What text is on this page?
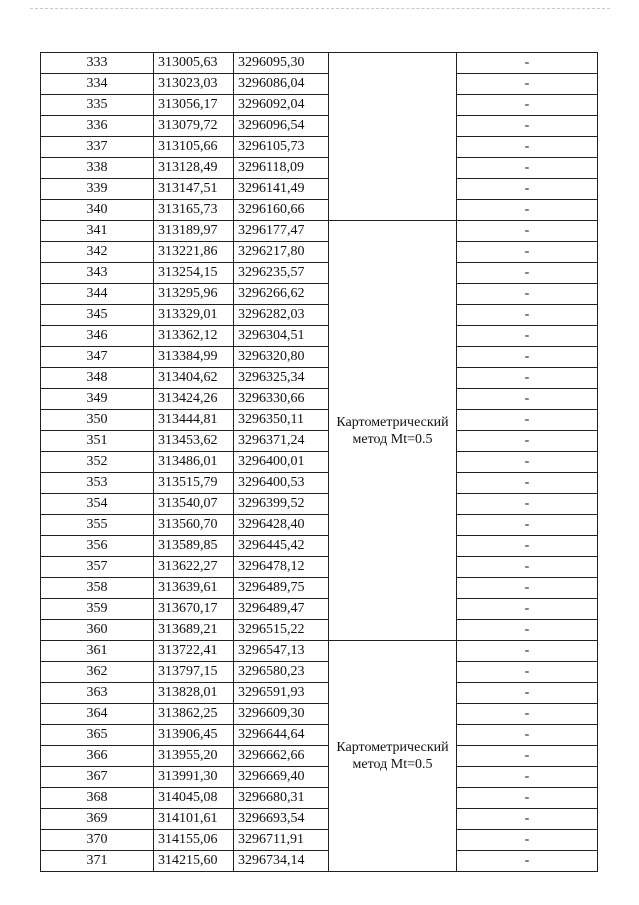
333	313005,63	3296095,30		-
334	313023,03	3296086,04		-
335	313056,17	3296092,04		-
336	313079,72	3296096,54		-
337	313105,66	3296105,73		-
338	313128,49	3296118,09		-
339	313147,51	3296141,49		-
340	313165,73	3296160,66		-
341	313189,97	3296177,47	Картометрический метод Mt=0.5	-
342	313221,86	3296217,80		-
343	313254,15	3296235,57		-
344	313295,96	3296266,62		-
345	313329,01	3296282,03		-
346	313362,12	3296304,51		-
347	313384,99	3296320,80		-
348	313404,62	3296325,34		-
349	313424,26	3296330,66		-
350	313444,81	3296350,11		-
351	313453,62	3296371,24		-
352	313486,01	3296400,01		-
353	313515,79	3296400,53		-
354	313540,07	3296399,52		-
355	313560,70	3296428,40		-
356	313589,85	3296445,42		-
357	313622,27	3296478,12		-
358	313639,61	3296489,75		-
359	313670,17	3296489,47		-
360	313689,21	3296515,22		-
361	313722,41	3296547,13	Картометрический метод Mt=0.5	-
362	313797,15	3296580,23		-
363	313828,01	3296591,93		-
364	313862,25	3296609,30		-
365	313906,45	3296644,64		-
366	313955,20	3296662,66		-
367	313991,30	3296669,40		-
368	314045,08	3296680,31		-
369	314101,61	3296693,54		-
370	314155,06	3296711,91		-
371	314215,60	3296734,14		-
